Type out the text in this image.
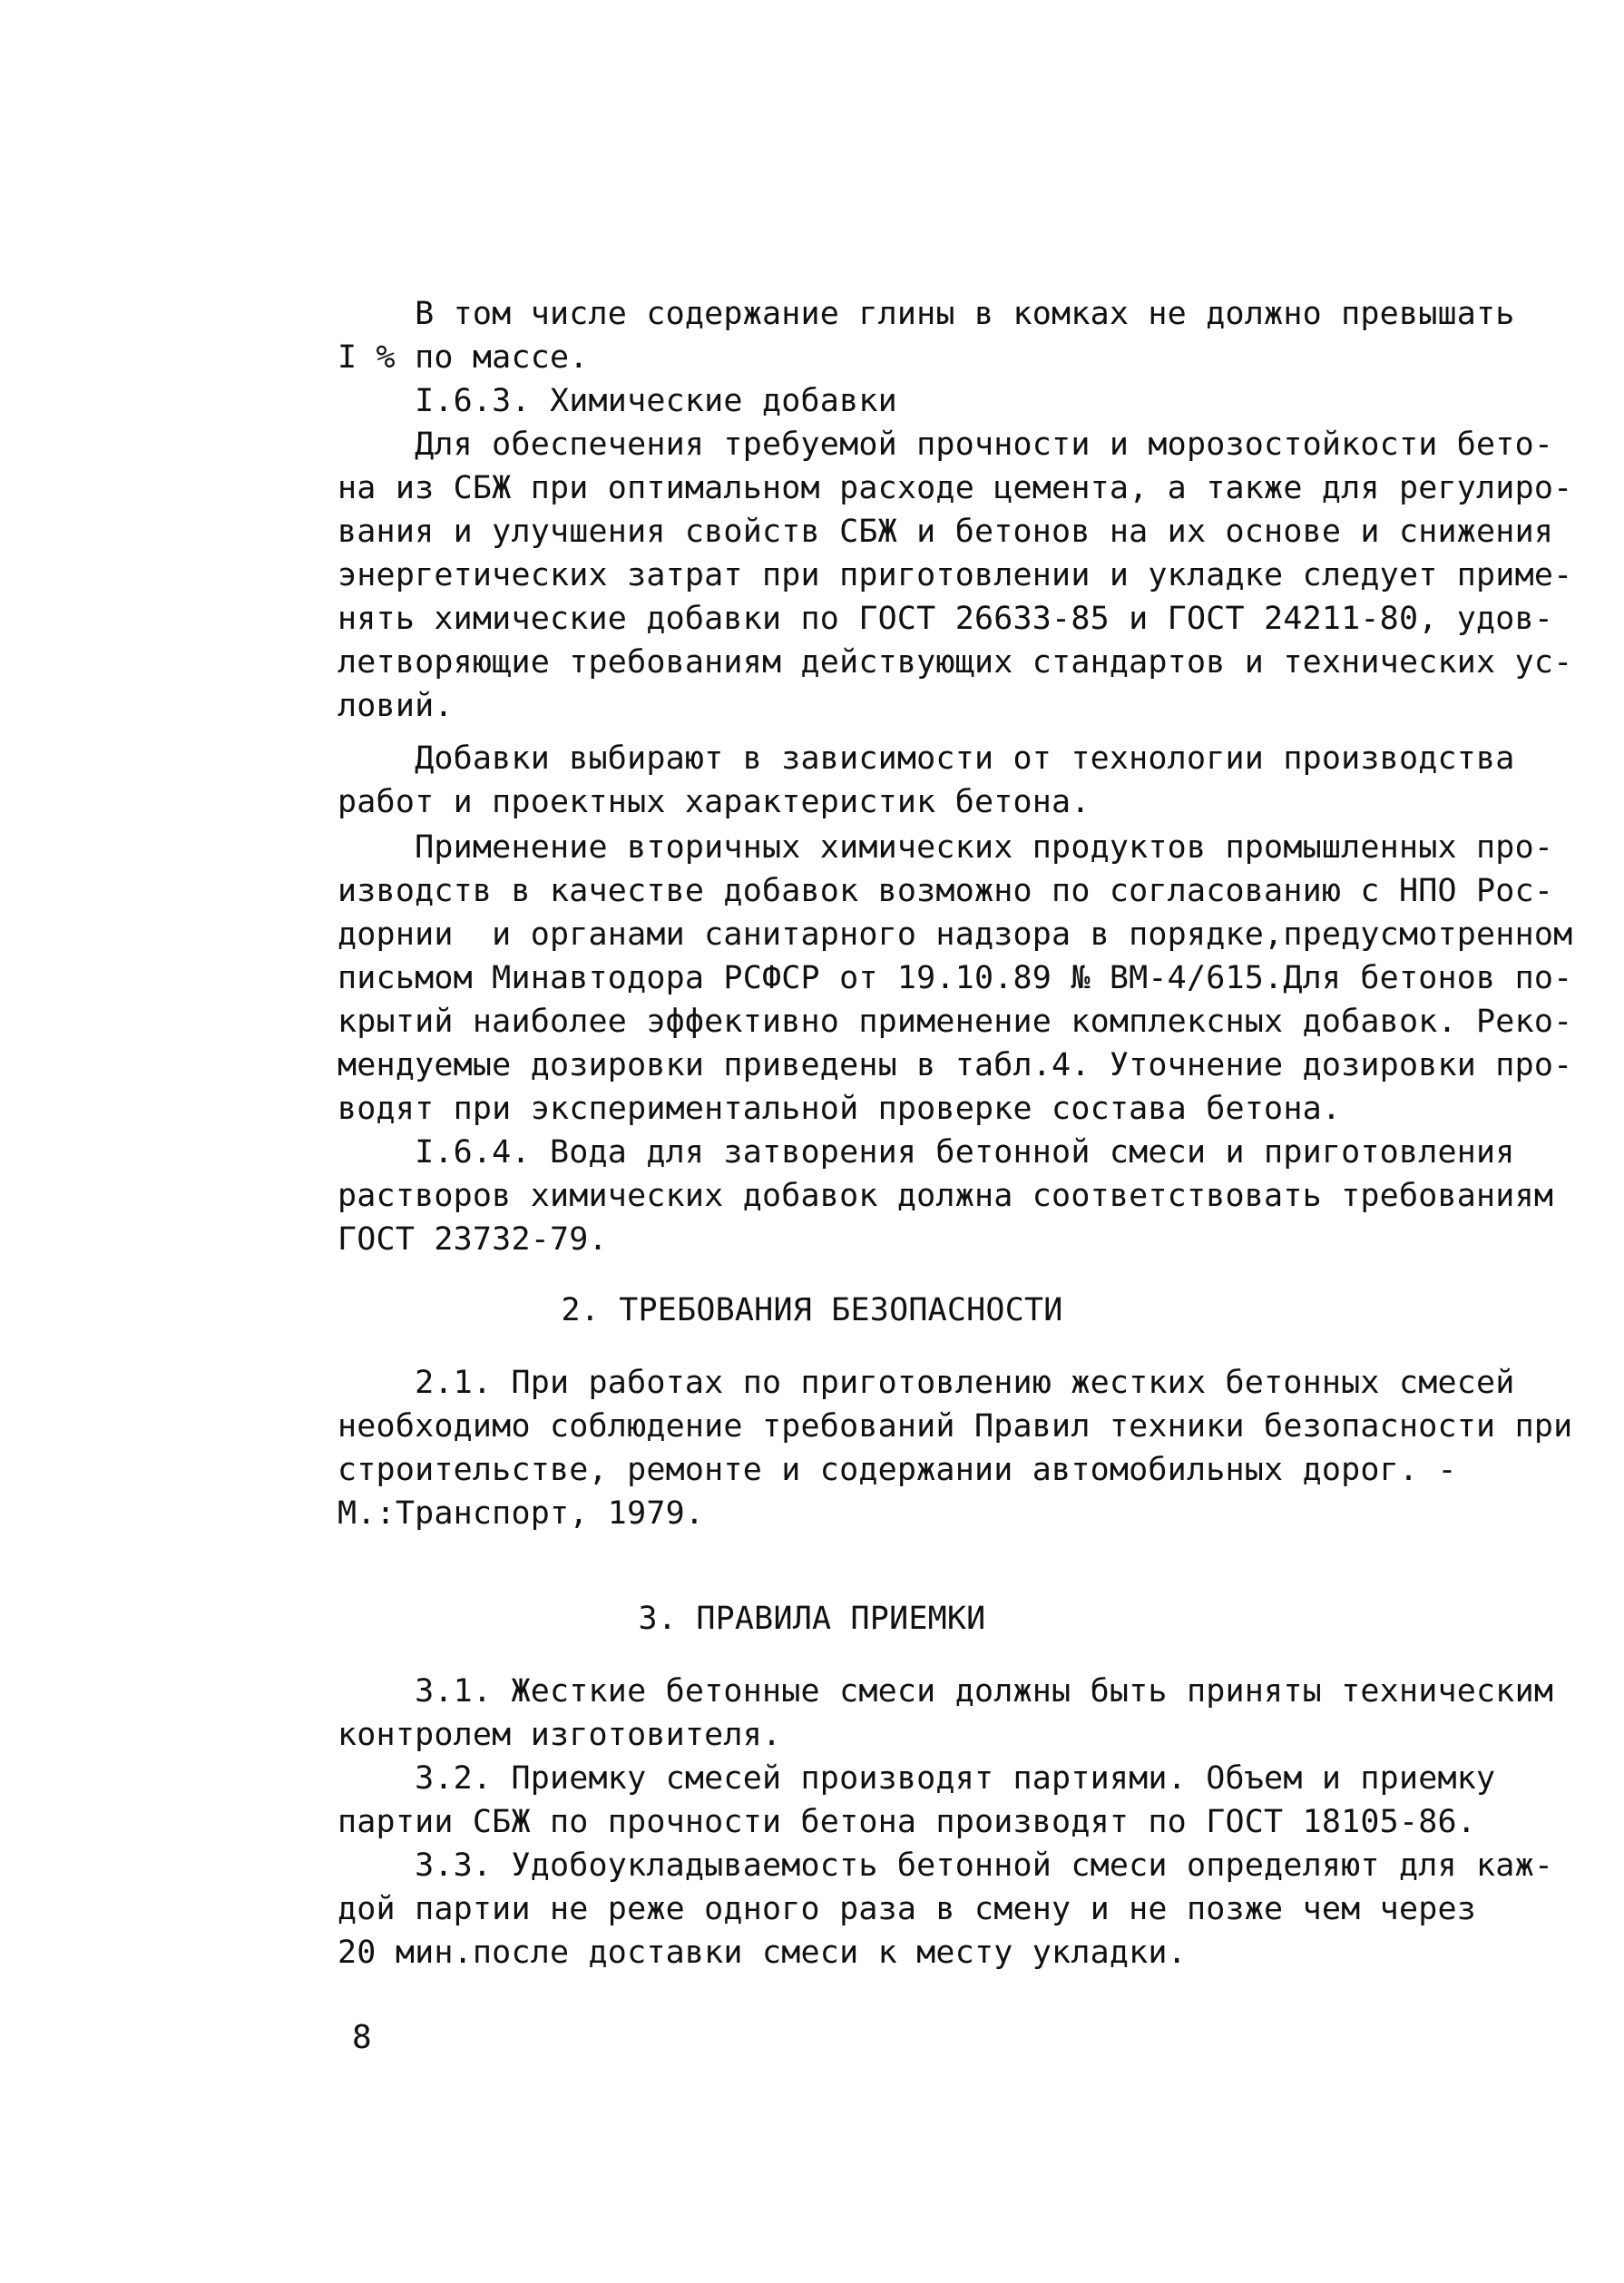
В том числе содержание глины в комках не должно превышать
I % по массе.
I.6.3. Химические добавки
Для обеспечения требуемой прочности и морозостойкости бето-
на из СБЖ при оптимальном расходе цемента, а также для регулиро-
вания и улучшения свойств СБЖ и бетонов на их основе и снижения
энергетических затрат при приготовлении и укладке следует приме-
нять химические добавки по ГОСТ 26633-85 и ГОСТ 24211-80, удов-
летворяющие требованиям действующих стандартов и технических ус-
ловий.
Добавки выбирают в зависимости от технологии производства
работ и проектных характеристик бетона.
Применение вторичных химических продуктов промышленных про-
изводств в качестве добавок возможно по согласованию с НПО Рос-
дорнии  и органами санитарного надзора в порядке,предусмотренном
письмом Минавтодора РСФСР от 19.10.89 № ВМ-4/615.Для бетонов по-
крытий наиболее эффективно применение комплексных добавок. Реко-
мендуемые дозировки приведены в табл.4. Уточнение дозировки про-
водят при экспериментальной проверке состава бетона.
I.6.4. Вода для затворения бетонной смеси и приготовления
растворов химических добавок должна соответствовать требованиям
ГОСТ 23732-79.
2. ТРЕБОВАНИЯ БЕЗОПАСНОСТИ
2.1. При работах по приготовлению жестких бетонных смесей
необходимо соблюдение требований Правил техники безопасности при
строительстве, ремонте и содержании автомобильных дорог. -
М.:Транспорт, 1979.
3. ПРАВИЛА ПРИЕМКИ
3.1. Жесткие бетонные смеси должны быть приняты техническим
контролем изготовителя.
3.2. Приемку смесей производят партиями. Объем и приемку
партии СБЖ по прочности бетона производят по ГОСТ 18105-86.
3.3. Удобоукладываемость бетонной смеси определяют для каж-
дой партии не реже одного раза в смену и не позже чем через
20 мин.после доставки смеси к месту укладки.
8
